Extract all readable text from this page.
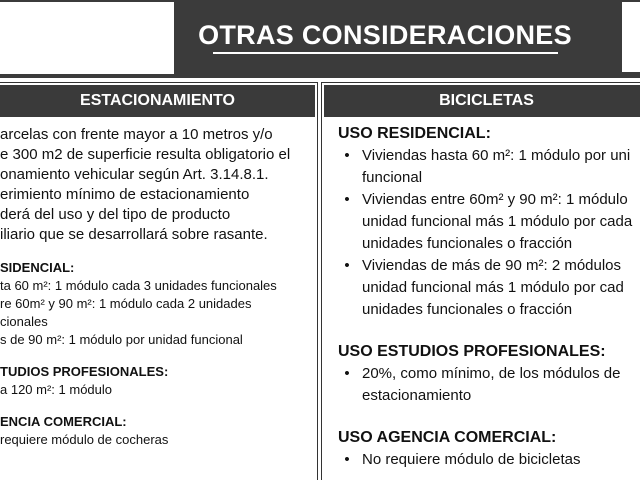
OTRAS CONSIDERACIONES
ESTACIONAMIENTO
arcelas con frente mayor a 10 metros y/o
e 300 m2 de superficie resulta obligatorio el
onamiento vehicular según Art. 3.14.8.1.
erimiento mínimo de estacionamiento
derá del uso y del tipo de producto
iliario que se desarrollará sobre rasante.
SIDENCIAL:
ta 60 m²: 1 módulo cada 3 unidades funcionales
re 60m² y 90 m²: 1 módulo cada 2 unidades
cionales
s de 90 m²: 1 módulo por unidad funcional
TUDIOS PROFESIONALES:
a 120 m²: 1 módulo
ENCIA COMERCIAL:
requiere módulo de cocheras
BICICLETAS
USO RESIDENCIAL:
• Viviendas hasta 60 m²: 1 módulo por uni
funcional
• Viviendas entre 60m² y 90 m²: 1 módulo
unidad funcional más 1 módulo por cada
unidades funcionales o fracción
• Viviendas de más de 90 m²: 2 módulos
unidad funcional más 1 módulo por cad
unidades funcionales o fracción
USO ESTUDIOS PROFESIONALES:
• 20%, como mínimo, de los módulos de
estacionamiento
USO AGENCIA COMERCIAL:
• No requiere módulo de bicicletas
